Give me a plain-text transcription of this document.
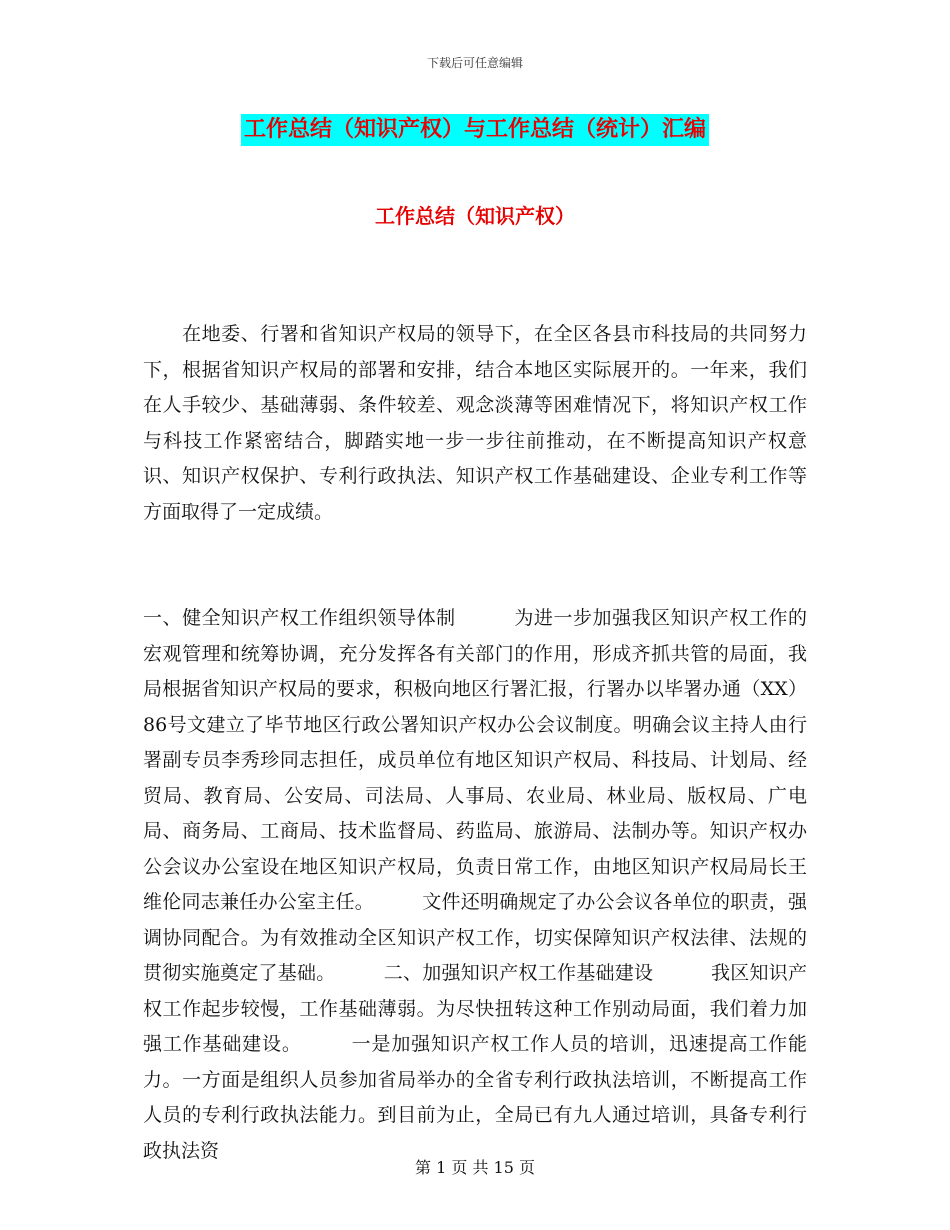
下载后可任意编辑
工作总结（知识产权）与工作总结（统计）汇编
工作总结（知识产权）

　　在地委、行署和省知识产权局的领导下，在全区各县市科技局的共同努力下，根据省知识产权局的部署和安排，结合本地区实际展开的。一年来，我们在人手较少、基础薄弱、条件较差、观念淡薄等困难情况下，将知识产权工作与科技工作紧密结合，脚踏实地一步一步往前推动，在不断提高知识产权意识、知识产权保护、专利行政执法、知识产权工作基础建设、企业专利工作等方面取得了一定成绩。

一、健全知识产权工作组织领导体制　　　为进一步加强我区知识产权工作的宏观管理和统筹协调，充分发挥各有关部门的作用，形成齐抓共管的局面，我局根据省知识产权局的要求，积极向地区行署汇报，行署办以毕署办通（XX）86号文建立了毕节地区行政公署知识产权办公会议制度。明确会议主持人由行署副专员李秀珍同志担任，成员单位有地区知识产权局、科技局、计划局、经贸局、教育局、公安局、司法局、人事局、农业局、林业局、版权局、广电局、商务局、工商局、技术监督局、药监局、旅游局、法制办等。知识产权办公会议办公室设在地区知识产权局，负责日常工作，由地区知识产权局局长王维伦同志兼任办公室主任。　　　文件还明确规定了办公会议各单位的职责，强调协同配合。为有效推动全区知识产权工作，切实保障知识产权法律、法规的贯彻实施奠定了基础。　　　二、加强知识产权工作基础建设　　　我区知识产权工作起步较慢，工作基础薄弱。为尽快扭转这种工作别动局面，我们着力加强工作基础建设。　　　一是加强知识产权工作人员的培训，迅速提高工作能力。一方面是组织人员参加省局举办的全省专利行政执法培训，不断提高工作人员的专利行政执法能力。到目前为止，全局已有九人通过培训，具备专利行政执法资

第 1 页 共 15 页
